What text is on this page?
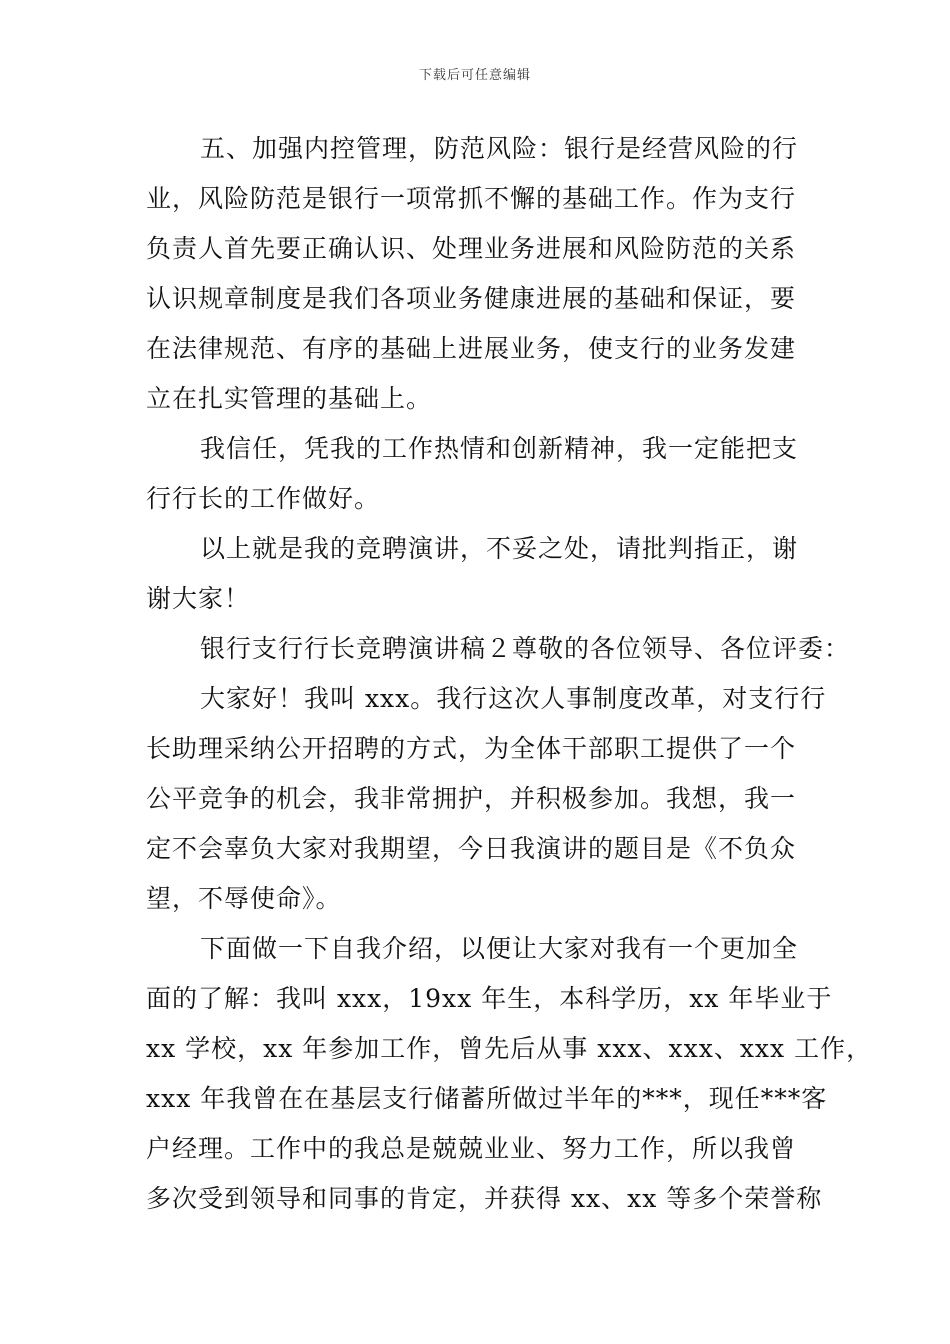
下载后可任意编辑
五、加强内控管理，防范风险：银行是经营风险的行
业，风险防范是银行一项常抓不懈的基础工作。作为支行
负责人首先要正确认识、处理业务进展和风险防范的关系
认识规章制度是我们各项业务健康进展的基础和保证，要
在法律规范、有序的基础上进展业务，使支行的业务发建
立在扎实管理的基础上。
我信任，凭我的工作热情和创新精神，我一定能把支
行行长的工作做好。
以上就是我的竞聘演讲，不妥之处，请批判指正，谢
谢大家！
银行支行行长竞聘演讲稿２尊敬的各位领导、各位评委：
大家好！我叫 xxx。我行这次人事制度改革，对支行行
长助理采纳公开招聘的方式，为全体干部职工提供了一个
公平竞争的机会，我非常拥护，并积极参加。我想，我一
定不会辜负大家对我期望，今日我演讲的题目是《不负众
望，不辱使命》。
下面做一下自我介绍，以便让大家对我有一个更加全
面的了解：我叫 xxx，19xx 年生，本科学历，xx 年毕业于
xx 学校，xx 年参加工作，曾先后从事 xxx、xxx、xxx 工作，
xxx 年我曾在在基层支行储蓄所做过半年的***，现任***客
户经理。工作中的我总是兢兢业业、努力工作，所以我曾
多次受到领导和同事的肯定，并获得 xx、xx 等多个荣誉称
